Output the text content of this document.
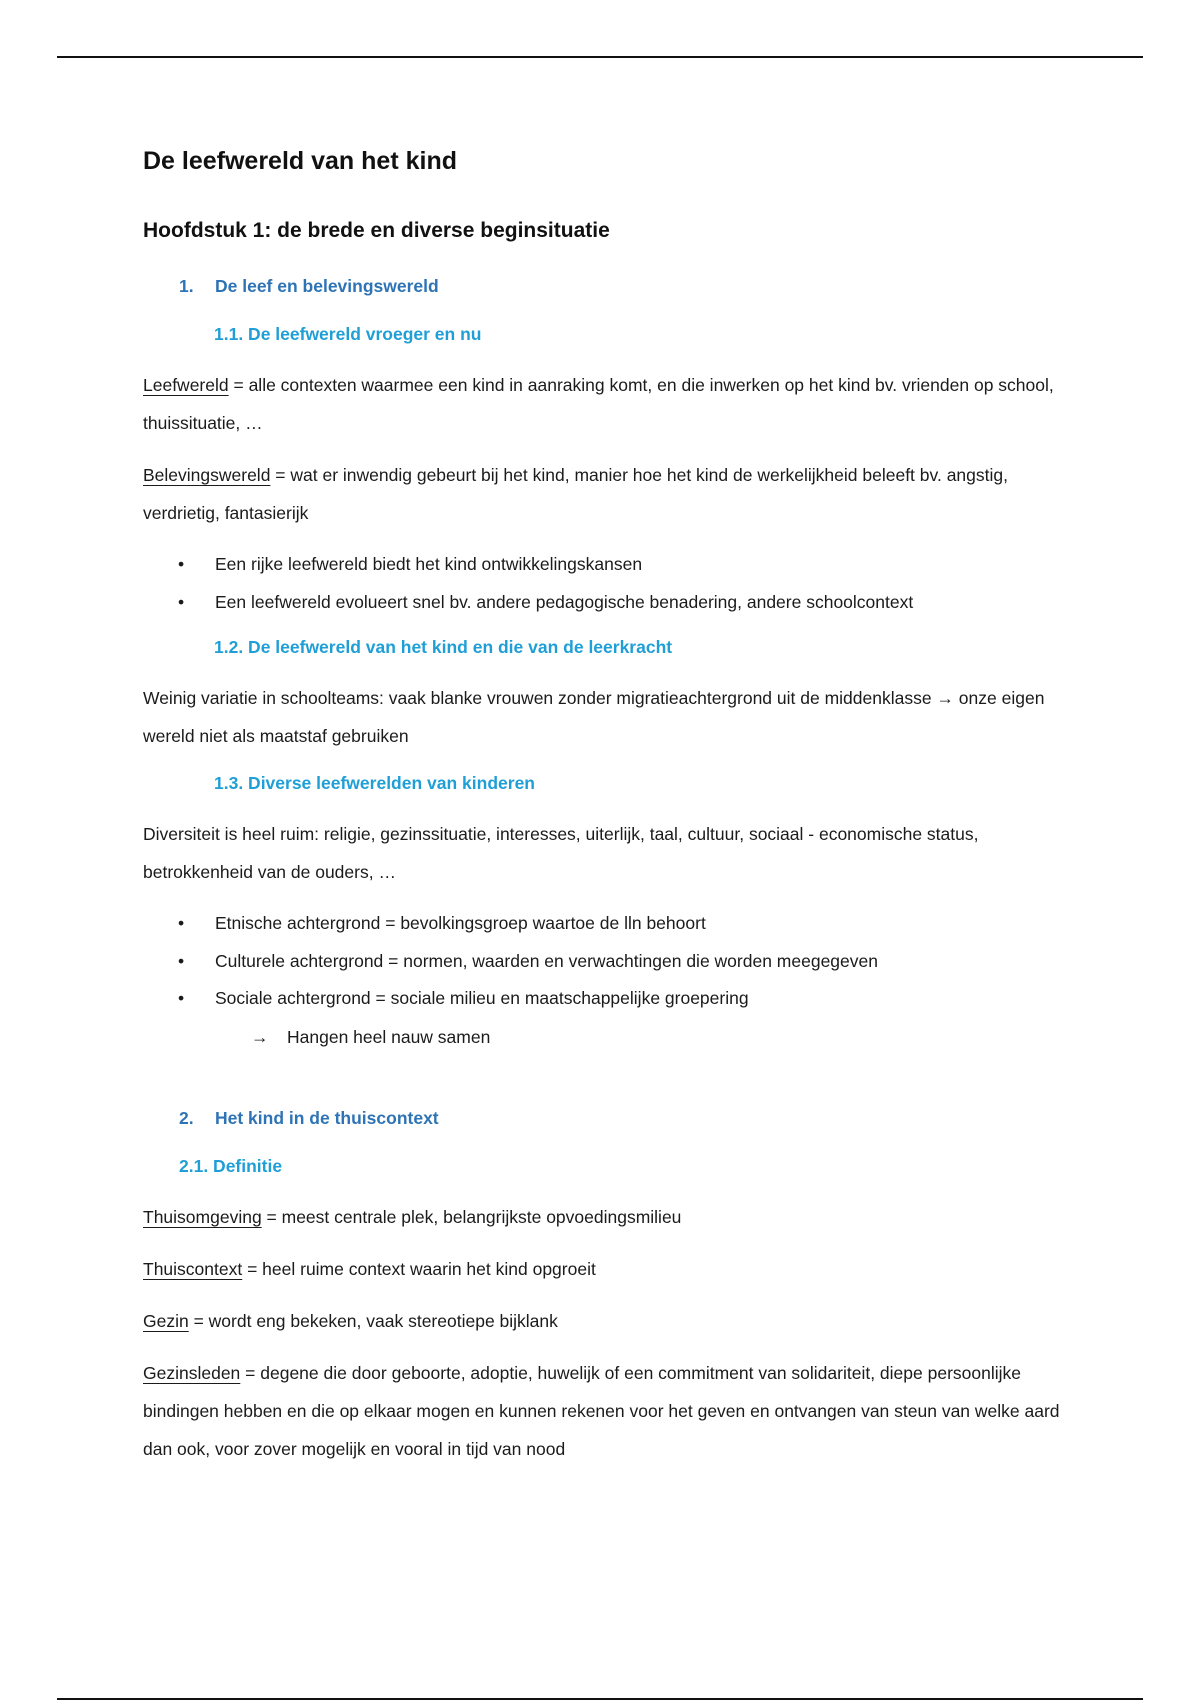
De leefwereld van het kind
Hoofdstuk 1: de brede en diverse beginsituatie
1. De leef en belevingswereld
1.1. De leefwereld vroeger en nu

Leefwereld = alle contexten waarmee een kind in aanraking komt, en die inwerken op het kind bv. vrienden op school, thuissituatie, …

Belevingswereld = wat er inwendig gebeurt bij het kind, manier hoe het kind de werkelijkheid beleeft bv. angstig, verdrietig, fantasierijk

• Een rijke leefwereld biedt het kind ontwikkelingskansen
• Een leefwereld evolueert snel bv. andere pedagogische benadering, andere schoolcontext
1.2. De leefwereld van het kind en die van de leerkracht

Weinig variatie in schoolteams: vaak blanke vrouwen zonder migratieachtergrond uit de middenklasse → onze eigen wereld niet als maatstaf gebruiken

1.3. Diverse leefwerelden van kinderen

Diversiteit is heel ruim: religie, gezinssituatie, interesses, uiterlijk, taal, cultuur, sociaal - economische status, betrokkenheid van de ouders, …

• Etnische achtergrond = bevolkingsgroep waartoe de lln behoort
• Culturele achtergrond = normen, waarden en verwachtingen die worden meegegeven
• Sociale achtergrond = sociale milieu en maatschappelijke groepering
→ Hangen heel nauw samen
2. Het kind in de thuiscontext
2.1. Definitie

Thuisomgeving = meest centrale plek, belangrijkste opvoedingsmilieu

Thuiscontext = heel ruime context waarin het kind opgroeit

Gezin = wordt eng bekeken, vaak stereotiepe bijklank

Gezinsleden = degene die door geboorte, adoptie, huwelijk of een commitment van solidariteit, diepe persoonlijke bindingen hebben en die op elkaar mogen en kunnen rekenen voor het geven en ontvangen van steun van welke aard dan ook, voor zover mogelijk en vooral in tijd van nood
